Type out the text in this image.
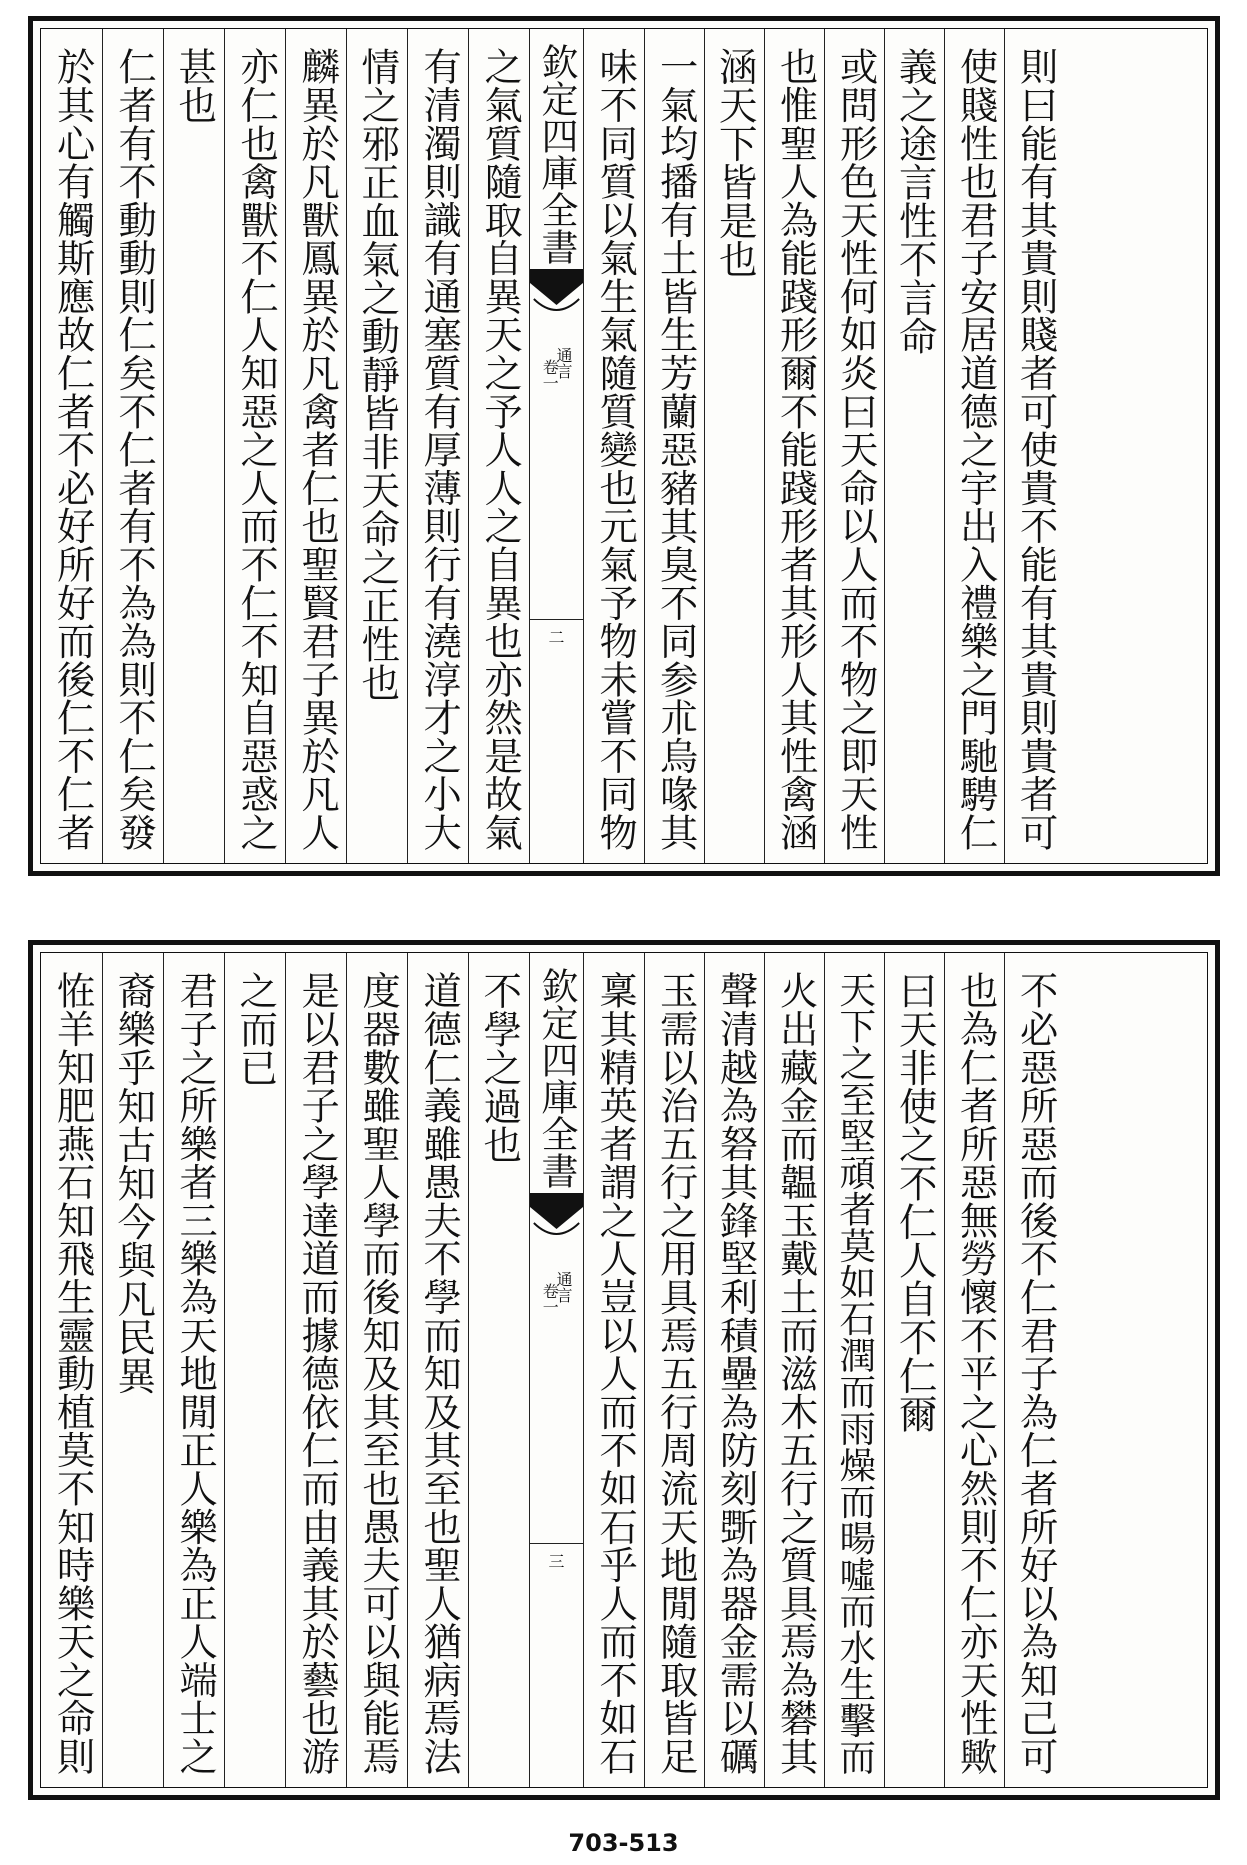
於其心有觸斯應故仁者不必好所好而後仁不仁者 仁者有不動動則仁矣不仁者有不為為則不仁矣發 甚也 亦仁也禽獸不仁人知惡之人而不仁不知自惡惑之 麟異於凡獸鳳異於凡禽者仁也聖賢君子異於凡人 情之邪正血氣之動靜皆非天命之正性也 有清濁則識有通塞質有厚薄則行有澆淳才之小大 之氣質隨取自異天之予人人之自異也亦然是故氣 欽定四庫全書
通言
卷一
二 味不同質以氣生氣隨質變也元氣予物未嘗不同物 一氣均播有土皆生芳蘭惡豬其臭不同参朮烏喙其 涵天下皆是也 也惟聖人為能踐形爾不能踐形者其形人其性禽涵 或問形色天性何如炎曰天命以人而不物之即天性 義之途言性不言命 使賤性也君子安居道德之宇出入禮樂之門馳騁仁 則曰能有其貴則賤者可使貴不能有其貴則貴者可
恠羊知肥燕石知飛生靈動植莫不知時樂天之命則 裔樂乎知古知今與凡民異 君子之所樂者三樂為天地閒正人樂為正人端士之 之而已 是以君子之學達道而據德依仁而由義其於藝也游 度器數雖聖人學而後知及其至也愚夫可以與能焉 道德仁義雖愚夫不學而知及其至也聖人猶病焉法 不學之過也 欽定四庫全書
通言
卷一
三 稟其精英者謂之人豈以人而不如石乎人而不如石 玉需以治五行之用具焉五行周流天地閒隨取皆足 聲清越為砮其鋒堅利積壘為防刻斲為器金需以礪 火出藏金而韞玉戴土而滋木五行之質具焉為礬其 天下之至堅頑者莫如石潤而雨燥而暘噓而水生擊而 曰天非使之不仁人自不仁爾 也為仁者所惡無勞懷不平之心然則不仁亦天性歟 不必惡所惡而後不仁君子為仁者所好以為知己可
703-513
